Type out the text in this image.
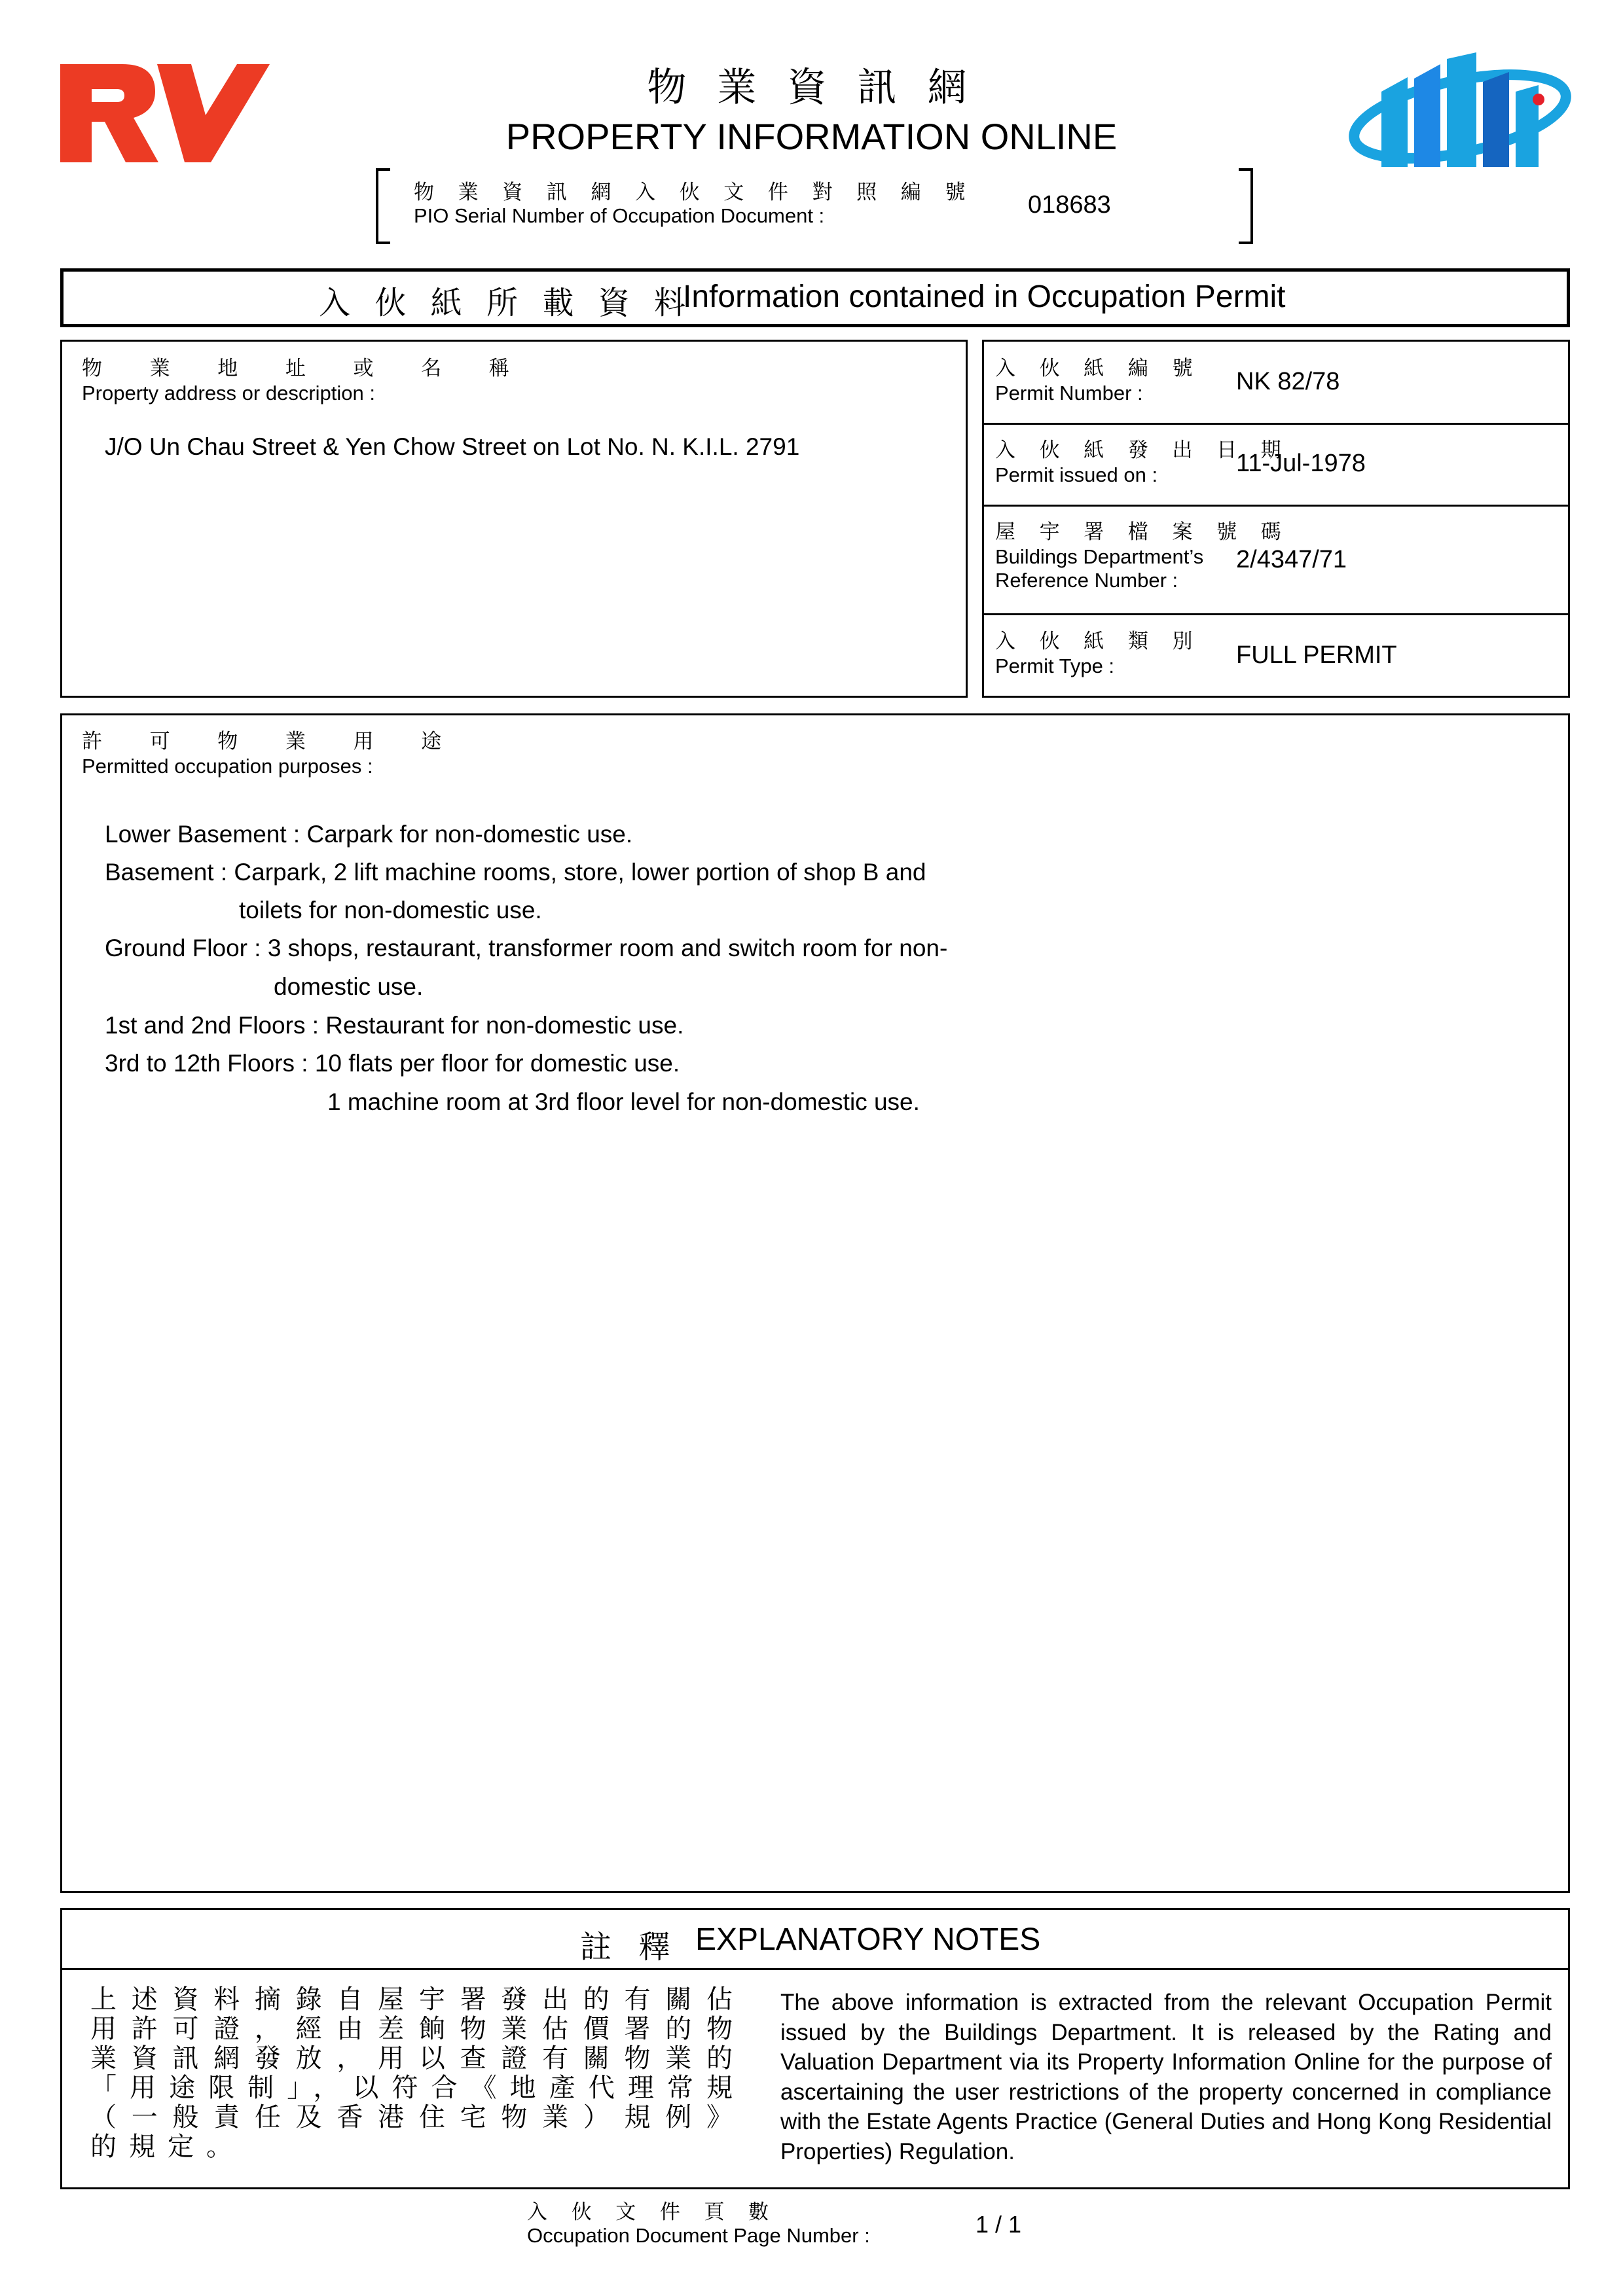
物 業 資 訊 網
PROPERTY INFORMATION ONLINE
物 業 資 訊 網 入 伙 文 件 對 照 編 號
PIO Serial Number of Occupation Document :	018683
入 伙 紙 所 載 資 料
Information contained in Occupation Permit
物 業 地 址 或 名 稱
Property address or description :
J/O Un Chau Street & Yen Chow Street on Lot No. N. K.I.L. 2791
入 伙 紙 編 號
Permit Number :	NK 82/78
入 伙 紙 發 出 日 期
Permit issued on :	11-Jul-1978
屋 宇 署 檔 案 號 碼
Buildings Department’s
Reference Number :
2/4347/71
入 伙 紙 類 別
Permit Type :	FULL PERMIT
許 可 物 業 用 途
Permitted occupation purposes :
Lower Basement : Carpark for non-domestic use.
Basement : Carpark, 2 lift machine rooms, store, lower portion of shop B and
toilets for non-domestic use.
Ground Floor : 3 shops, restaurant, transformer room and switch room for non-
domestic use.
1st and 2nd Floors : Restaurant for non-domestic use.
3rd to 12th Floors : 10 flats per floor for domestic use.
1 machine room at 3rd floor level for non-domestic use.
註 釋 EXPLANATORY NOTES
上述資料摘錄自屋宇署發出的有關佔用許可證，經由差餉物業估價署的物業資訊網發放，用以查證有關物業的「用途限制」，以符合《地產代理常規（一般責任及香港住宅物業）規例》的規定。
The above information is extracted from the relevant Occupation Permit issued by the Buildings Department. It is released by the Rating and Valuation Department via its Property Information Online for the purpose of ascertaining the user restrictions of the property concerned in compliance with the Estate Agents Practice (General Duties and Hong Kong Residential Properties) Regulation.
入 伙 文 件 頁 數
Occupation Document Page Number :	1 / 1
